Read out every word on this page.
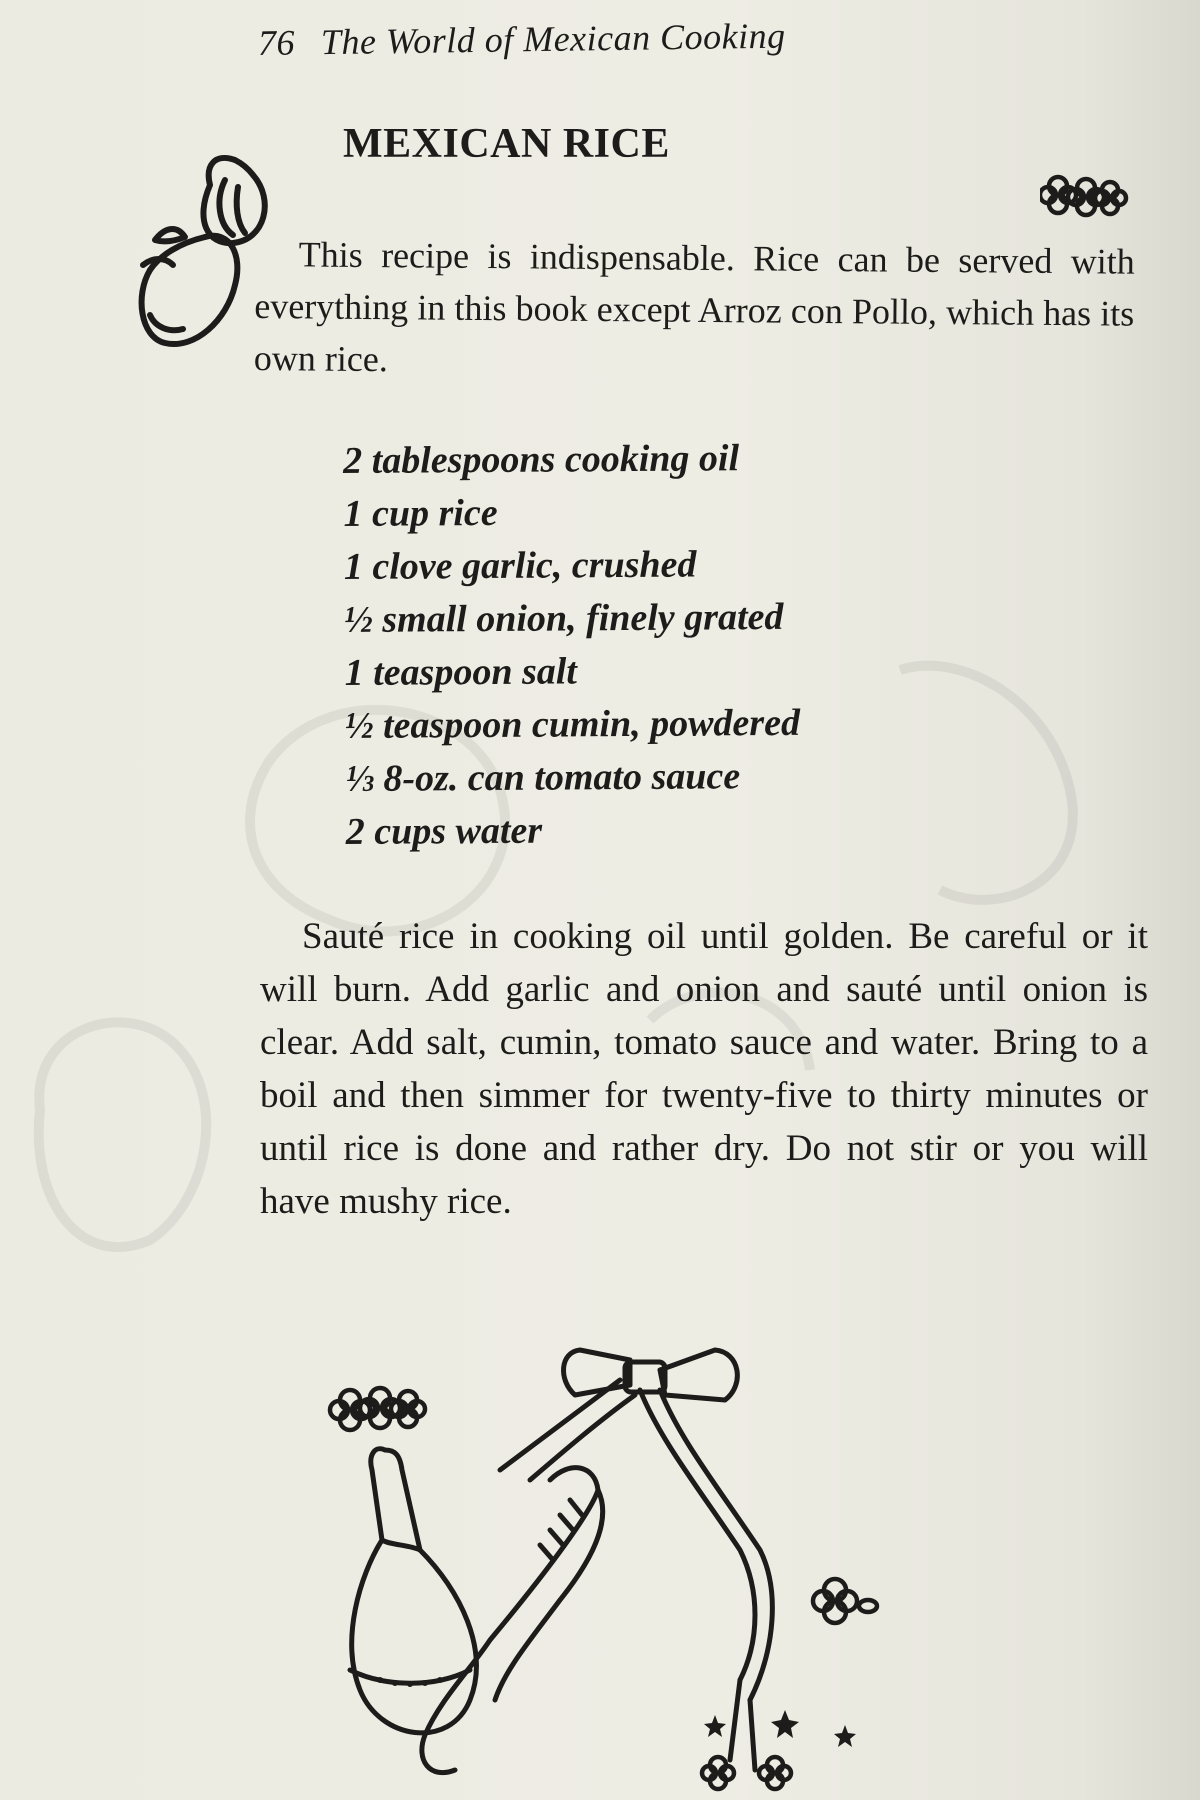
76 The World of Mexican Cooking
MEXICAN RICE

This recipe is indispensable. Rice can be served with everything in this book except Arroz con Pollo, which has its own rice.

2 tablespoons cooking oil
1 cup rice
1 clove garlic, crushed
½ small onion, finely grated
1 teaspoon salt
½ teaspoon cumin, powdered
⅓ 8-oz. can tomato sauce
2 cups water

Sauté rice in cooking oil until golden. Be careful or it will burn. Add garlic and onion and sauté until onion is clear. Add salt, cumin, tomato sauce and water. Bring to a boil and then simmer for twenty-five to thirty minutes or until rice is done and rather dry. Do not stir or you will have mushy rice.
